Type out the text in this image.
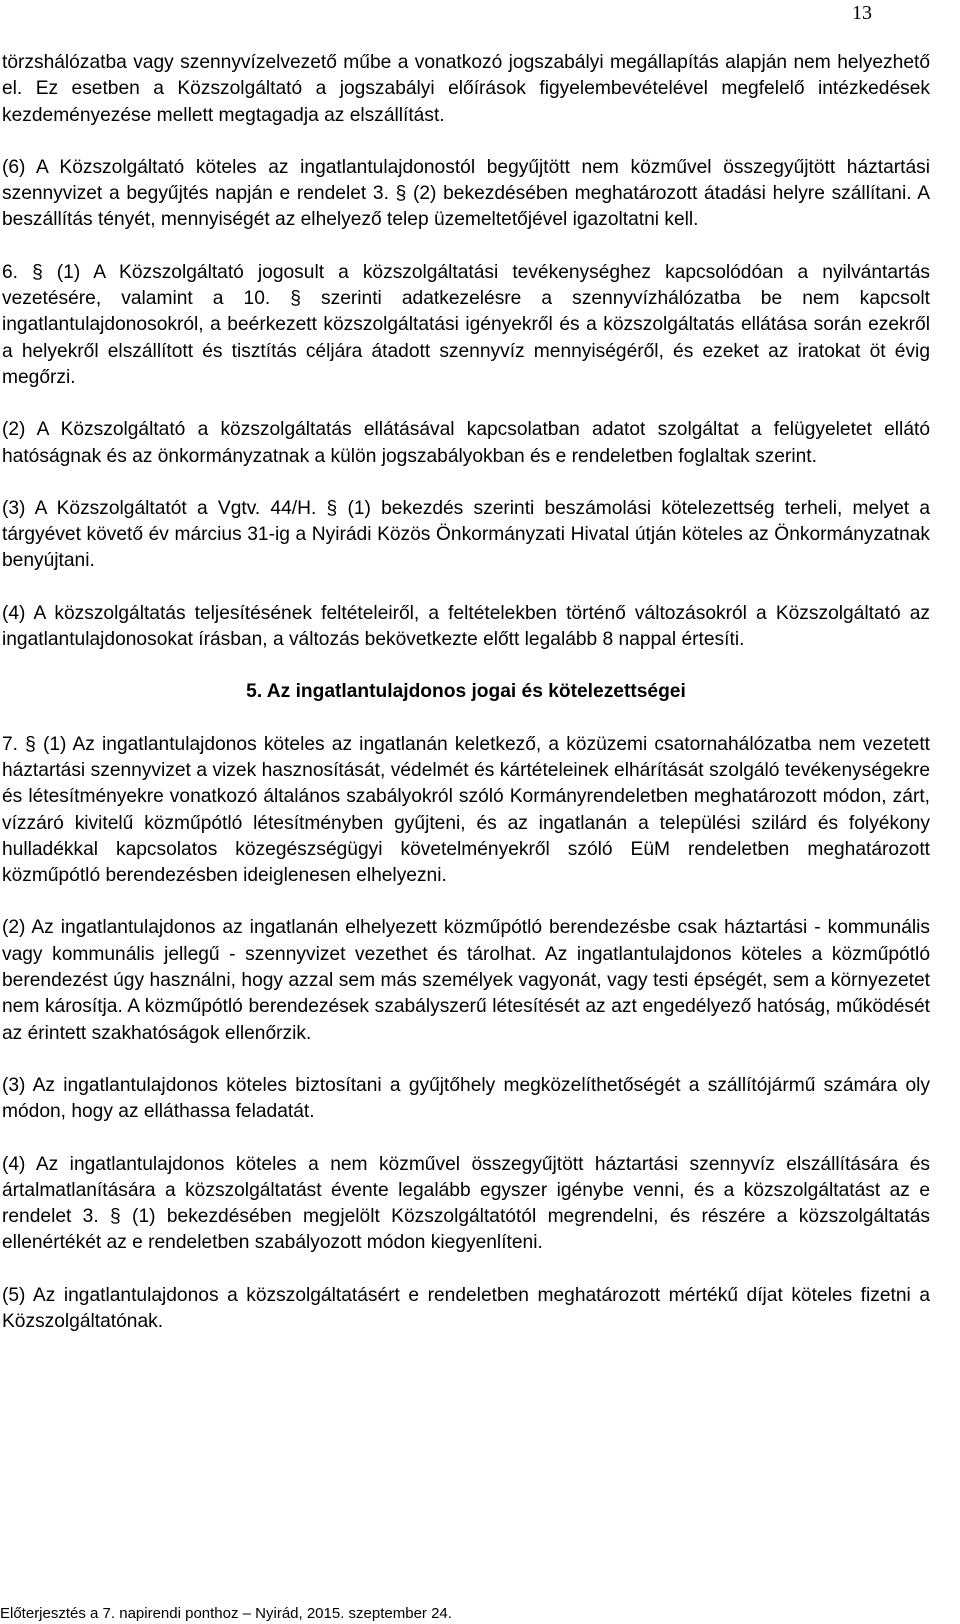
13

törzshálózatba vagy szennyvízelvezető műbe a vonatkozó jogszabályi megállapítás alapján nem helyezhető el. Ez esetben a Közszolgáltató a jogszabályi előírások figyelembevételével megfelelő intézkedések kezdeményezése mellett megtagadja az elszállítást.

(6) A Közszolgáltató köteles az ingatlantulajdonostól begyűjtött nem közművel összegyűjtött háztartási szennyvizet a begyűjtés napján e rendelet 3. § (2) bekezdésében meghatározott átadási helyre szállítani. A beszállítás tényét, mennyiségét az elhelyező telep üzemeltetőjével igazoltatni kell.

6. § (1) A Közszolgáltató jogosult a közszolgáltatási tevékenységhez kapcsolódóan a nyilvántartás vezetésére, valamint a 10. § szerinti adatkezelésre a szennyvízhálózatba be nem kapcsolt ingatlantulajdonosokról, a beérkezett közszolgáltatási igényekről és a közszolgáltatás ellátása során ezekről a helyekről elszállított és tisztítás céljára átadott szennyvíz mennyiségéről, és ezeket az iratokat öt évig megőrzi.

(2) A Közszolgáltató a közszolgáltatás ellátásával kapcsolatban adatot szolgáltat a felügyeletet ellátó hatóságnak és az önkormányzatnak a külön jogszabályokban és e rendeletben foglaltak szerint.

(3) A Közszolgáltatót a Vgtv. 44/H. § (1) bekezdés szerinti beszámolási kötelezettség terheli, melyet a tárgyévet követő év március 31-ig a Nyirádi Közös Önkormányzati Hivatal útján köteles az Önkormányzatnak benyújtani.

(4) A közszolgáltatás teljesítésének feltételeiről, a feltételekben történő változásokról a Közszolgáltató az ingatlantulajdonosokat írásban, a változás bekövetkezte előtt legalább 8 nappal értesíti.

5. Az ingatlantulajdonos jogai és kötelezettségei

7. § (1) Az ingatlantulajdonos köteles az ingatlanán keletkező, a közüzemi csatornahálózatba nem vezetett háztartási szennyvizet a vizek hasznosítását, védelmét és kártételeinek elhárítását szolgáló tevékenységekre és létesítményekre vonatkozó általános szabályokról szóló Kormányrendeletben meghatározott módon, zárt, vízzáró kivitelű közműpótló létesítményben gyűjteni, és az ingatlanán a települési szilárd és folyékony hulladékkal kapcsolatos közegészségügyi követelményekről szóló EüM rendeletben meghatározott közműpótló berendezésben ideiglenesen elhelyezni.

(2) Az ingatlantulajdonos az ingatlanán elhelyezett közműpótló berendezésbe csak háztartási - kommunális vagy kommunális jellegű - szennyvizet vezethet és tárolhat. Az ingatlantulajdonos köteles a közműpótló berendezést úgy használni, hogy azzal sem más személyek vagyonát, vagy testi épségét, sem a környezetet nem károsítja. A közműpótló berendezések szabályszerű létesítését az azt engedélyező hatóság, működését az érintett szakhatóságok ellenőrzik.

(3) Az ingatlantulajdonos köteles biztosítani a gyűjtőhely megközelíthetőségét a szállítójármű számára oly módon, hogy az elláthassa feladatát.

(4) Az ingatlantulajdonos köteles a nem közművel összegyűjtött háztartási szennyvíz elszállítására és ártalmatlanítására a közszolgáltatást évente legalább egyszer igénybe venni, és a közszolgáltatást az e rendelet 3. § (1) bekezdésében megjelölt Közszolgáltatótól megrendelni, és részére a közszolgáltatás ellenértékét az e rendeletben szabályozott módon kiegyenlíteni.

(5) Az ingatlantulajdonos a közszolgáltatásért e rendeletben meghatározott mértékű díjat köteles fizetni a Közszolgáltatónak.

Előterjesztés a 7. napirendi ponthoz – Nyirád, 2015. szeptember 24.
